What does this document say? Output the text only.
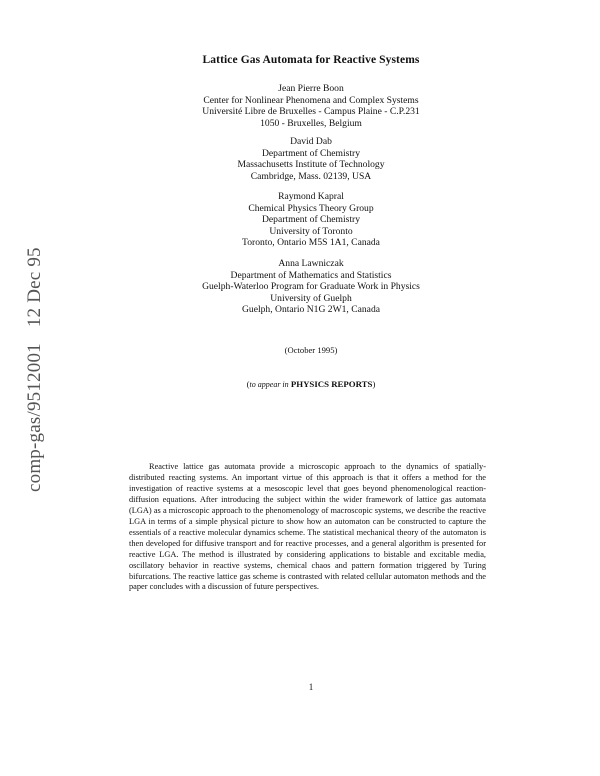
comp-gas/951200112 Dec 95
Lattice Gas Automata for Reactive Systems
Jean Pierre Boon
Center for Nonlinear Phenomena and Complex Systems
Université Libre de Bruxelles - Campus Plaine - C.P.231
1050 - Bruxelles, Belgium
David Dab
Department of Chemistry
Massachusetts Institute of Technology
Cambridge, Mass. 02139, USA
Raymond Kapral
Chemical Physics Theory Group
Department of Chemistry
University of Toronto
Toronto, Ontario M5S 1A1, Canada
Anna Lawniczak
Department of Mathematics and Statistics
Guelph-Waterloo Program for Graduate Work in Physics
University of Guelph
Guelph, Ontario N1G 2W1, Canada
(October 1995)
(to appear in PHYSICS REPORTS)
Reactive lattice gas automata provide a microscopic approach to the dynamics of spatially-distributed reacting systems. An important virtue of this approach is that it offers a method for the investigation of reactive systems at a mesoscopic level that goes beyond phenomenological reaction-diffusion equations. After introducing the subject within the wider framework of lattice gas automata (LGA) as a microscopic approach to the phenomenology of macroscopic systems, we describe the reactive LGA in terms of a simple physical picture to show how an automaton can be constructed to capture the essentials of a reactive molecular dynamics scheme. The statistical mechanical theory of the automaton is then developed for diffusive transport and for reactive processes, and a general algorithm is presented for reactive LGA. The method is illustrated by considering applications to bistable and excitable media, oscillatory behavior in reactive systems, chemical chaos and pattern formation triggered by Turing bifurcations. The reactive lattice gas scheme is contrasted with related cellular automaton methods and the paper concludes with a discussion of future perspectives.
1
